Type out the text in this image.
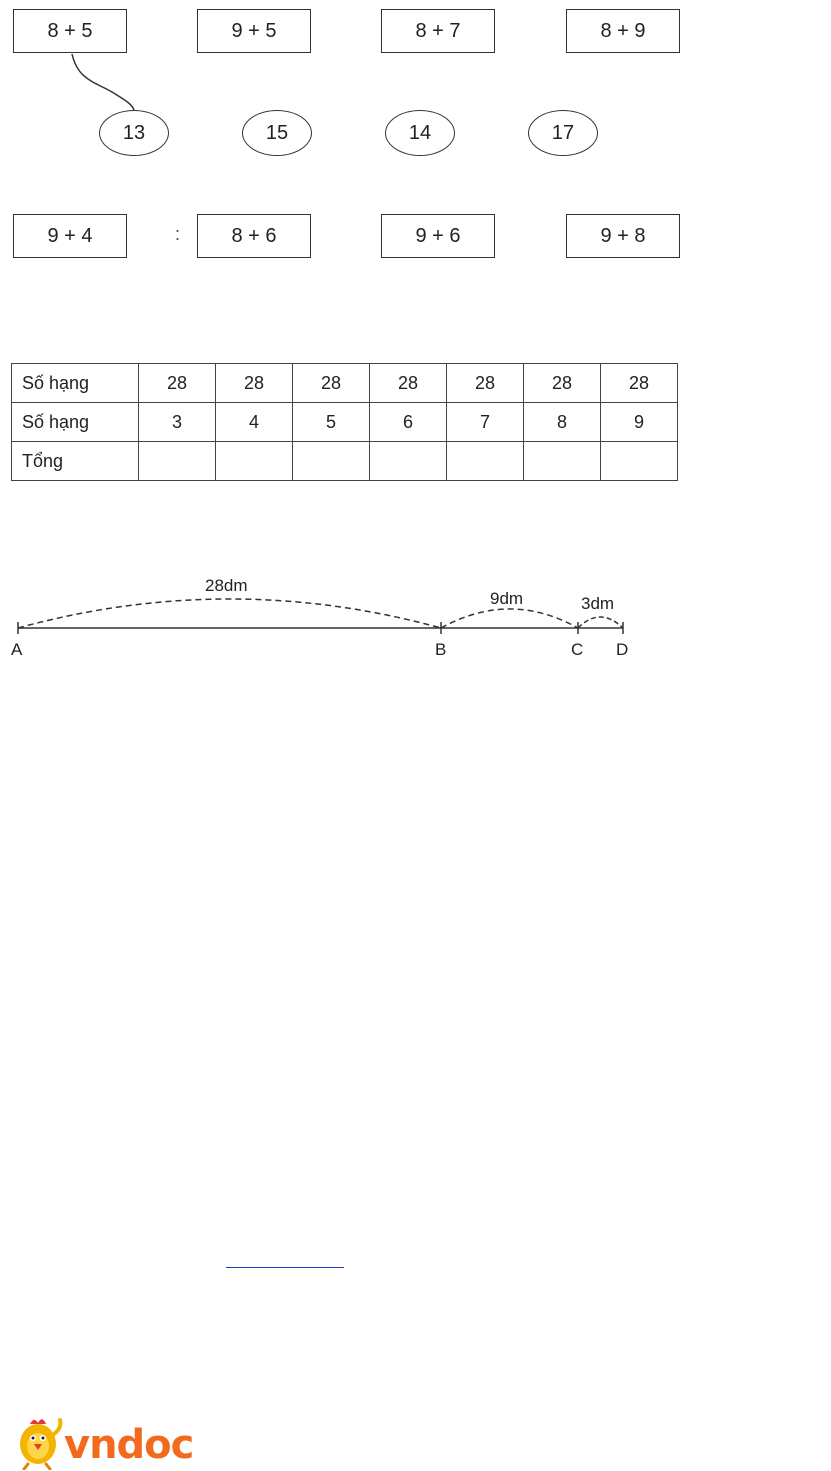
8 + 5	9 + 5	8 + 7	8 + 9
13	15	14	17
:
9 + 4	8 + 6	9 + 6	9 + 8
Số hạng	28	28	28	28	28	28	28
Số hạng	3	4	5	6	7	8	9
Tổng							
28dm
9dm	3dm
A	B	C D
vndoc
